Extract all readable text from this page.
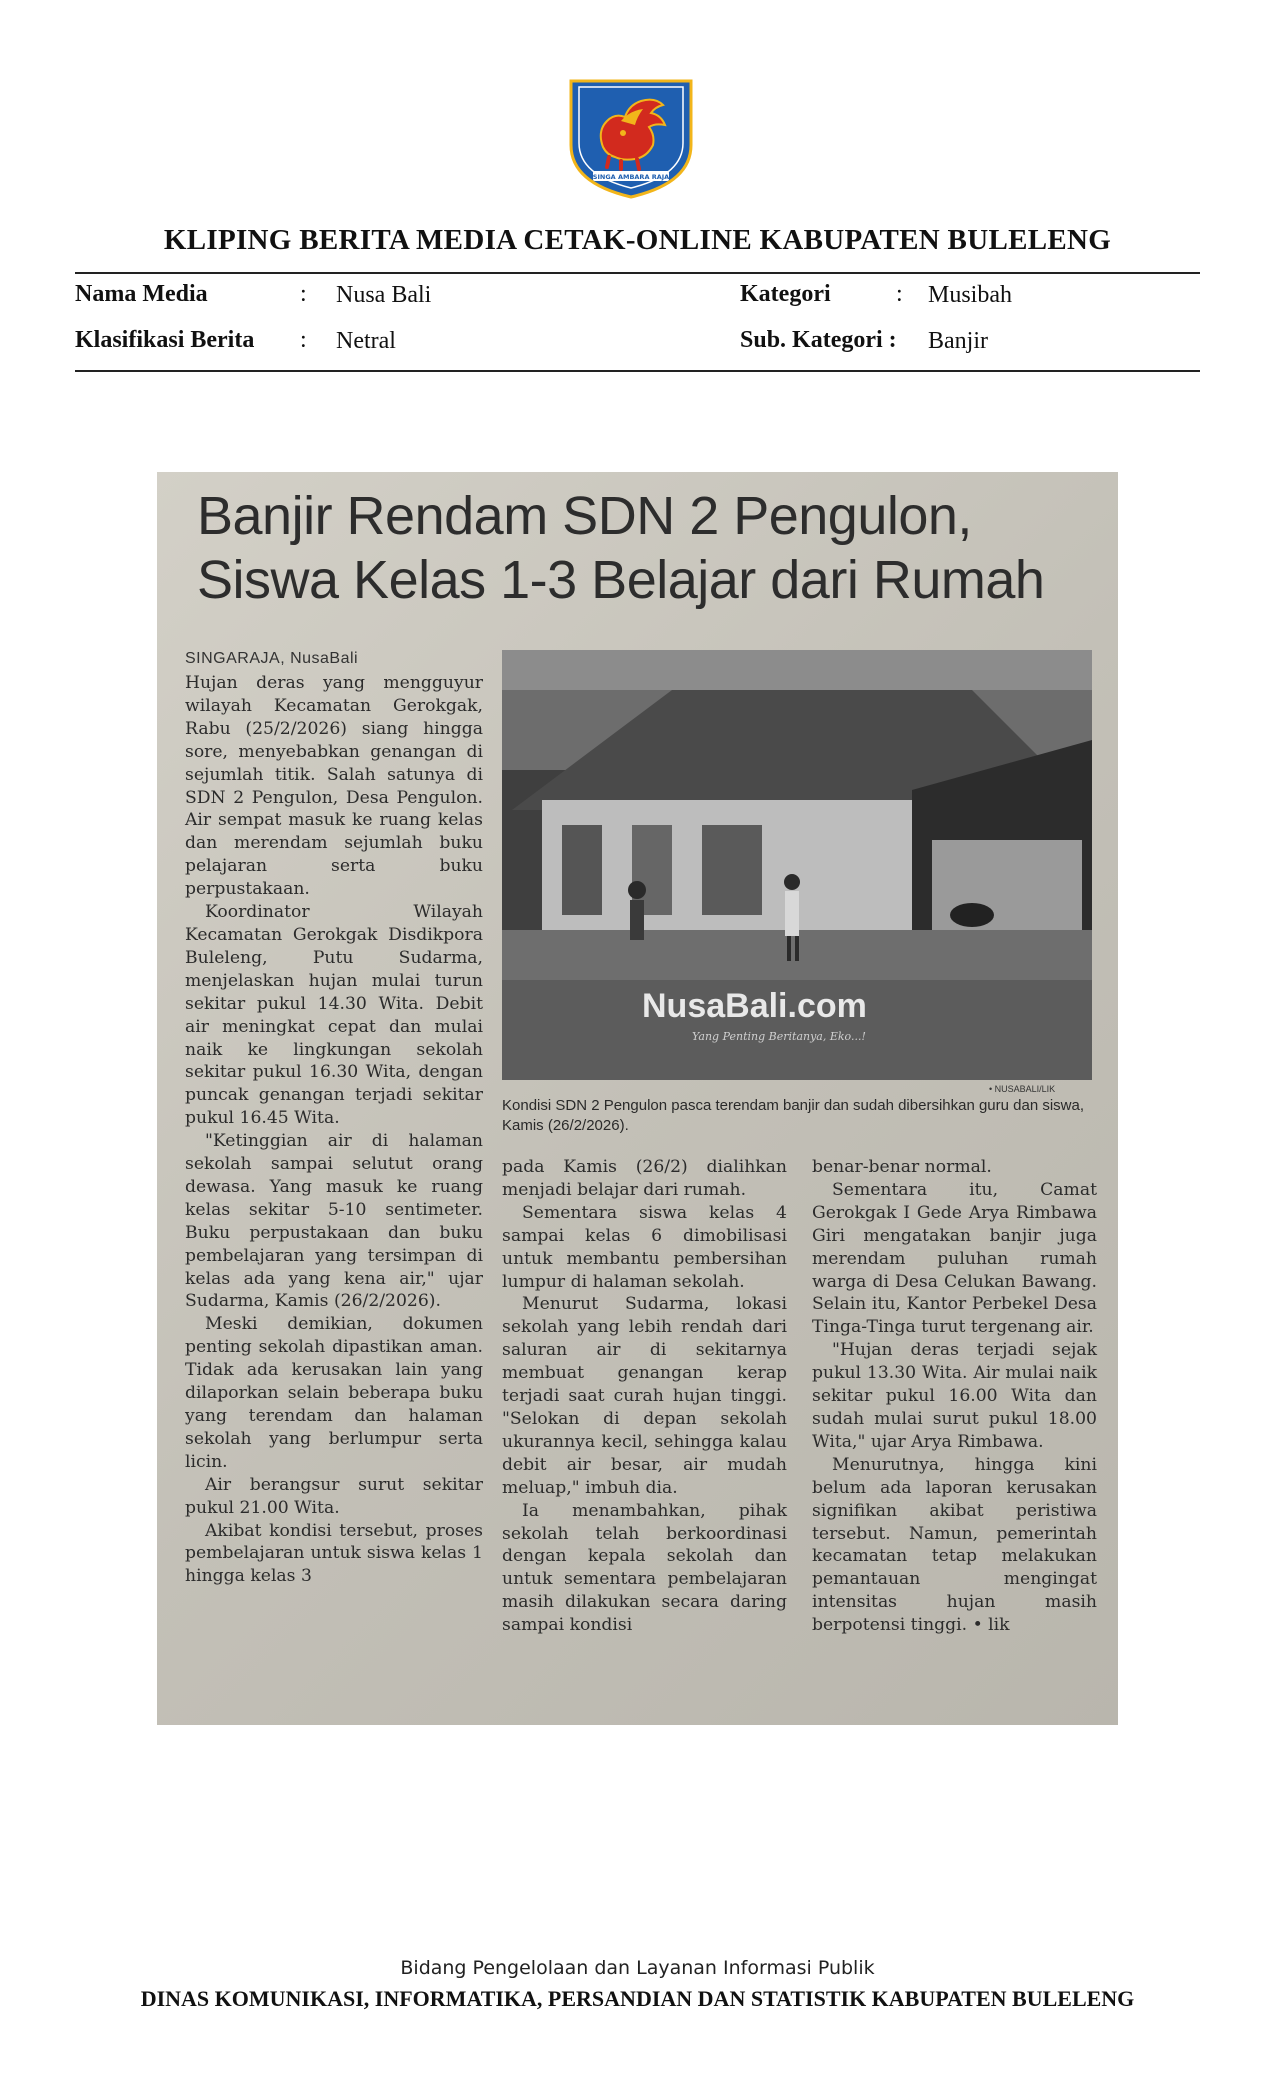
SINGA AMBARA RAJA
KLIPING BERITA MEDIA CETAK-ONLINE KABUPATEN BULELENG
Nama Media	: Nusa Bali	Kategori	: Musibah
Klasifikasi Berita : Netral	Sub. Kategori : Banjir
Banjir Rendam SDN 2 Pengulon,
Siswa Kelas 1-3 Belajar dari Rumah
SINGARAJA, NusaBali

Hujan deras yang mengguyur wilayah Kecamatan Gerokgak, Rabu (25/2/2026) siang hingga sore, menyebabkan genangan di sejumlah titik. Salah satunya di SDN 2 Pengulon, Desa Pengulon. Air sempat masuk ke ruang kelas dan merendam sejumlah buku pelajaran serta buku perpustakaan.

Koordinator Wilayah Kecamatan Gerokgak Disdikpora Buleleng, Putu Sudarma, menjelaskan hujan mulai turun sekitar pukul 14.30 Wita. Debit air meningkat cepat dan mulai naik ke lingkungan sekolah sekitar pukul 16.30 Wita, dengan puncak genangan terjadi sekitar pukul 16.45 Wita.

"Ketinggian air di halaman sekolah sampai selutut orang dewasa. Yang masuk ke ruang kelas sekitar 5-10 sentimeter. Buku perpustakaan dan buku pembelajaran yang tersimpan di kelas ada yang kena air," ujar Sudarma, Kamis (26/2/2026).

Meski demikian, dokumen penting sekolah dipastikan aman. Tidak ada kerusakan lain yang dilaporkan selain beberapa buku yang terendam dan halaman sekolah yang berlumpur serta licin.

Air berangsur surut sekitar pukul 21.00 Wita.

Akibat kondisi tersebut, proses pembelajaran untuk siswa kelas 1 hingga kelas 3

NusaBali.com
Yang Penting Beritanya, Eko...!
• NUSABALI/LIK
Kondisi SDN 2 Pengulon pasca terendam banjir dan sudah dibersihkan guru dan siswa, Kamis (26/2/2026).

pada Kamis (26/2) dialihkan menjadi belajar dari rumah.

Sementara siswa kelas 4 sampai kelas 6 dimobilisasi untuk membantu pembersihan lumpur di halaman sekolah.

Menurut Sudarma, lokasi sekolah yang lebih rendah dari saluran air di sekitarnya membuat genangan kerap terjadi saat curah hujan tinggi. "Selokan di depan sekolah ukurannya kecil, sehingga kalau debit air besar, air mudah meluap," imbuh dia.

Ia menambahkan, pihak sekolah telah berkoordinasi dengan kepala sekolah dan untuk sementara pembelajaran masih dilakukan secara daring sampai kondisi

benar-benar normal.

Sementara itu, Camat Gerokgak I Gede Arya Rimbawa Giri mengatakan banjir juga merendam puluhan rumah warga di Desa Celukan Bawang. Selain itu, Kantor Perbekel Desa Tinga-Tinga turut tergenang air.

"Hujan deras terjadi sejak pukul 13.30 Wita. Air mulai naik sekitar pukul 16.00 Wita dan sudah mulai surut pukul 18.00 Wita," ujar Arya Rimbawa.

Menurutnya, hingga kini belum ada laporan kerusakan signifikan akibat peristiwa tersebut. Namun, pemerintah kecamatan tetap melakukan pemantauan mengingat intensitas hujan masih berpotensi tinggi. • lik

Bidang Pengelolaan dan Layanan Informasi Publik
DINAS KOMUNIKASI, INFORMATIKA, PERSANDIAN DAN STATISTIK KABUPATEN BULELENG
